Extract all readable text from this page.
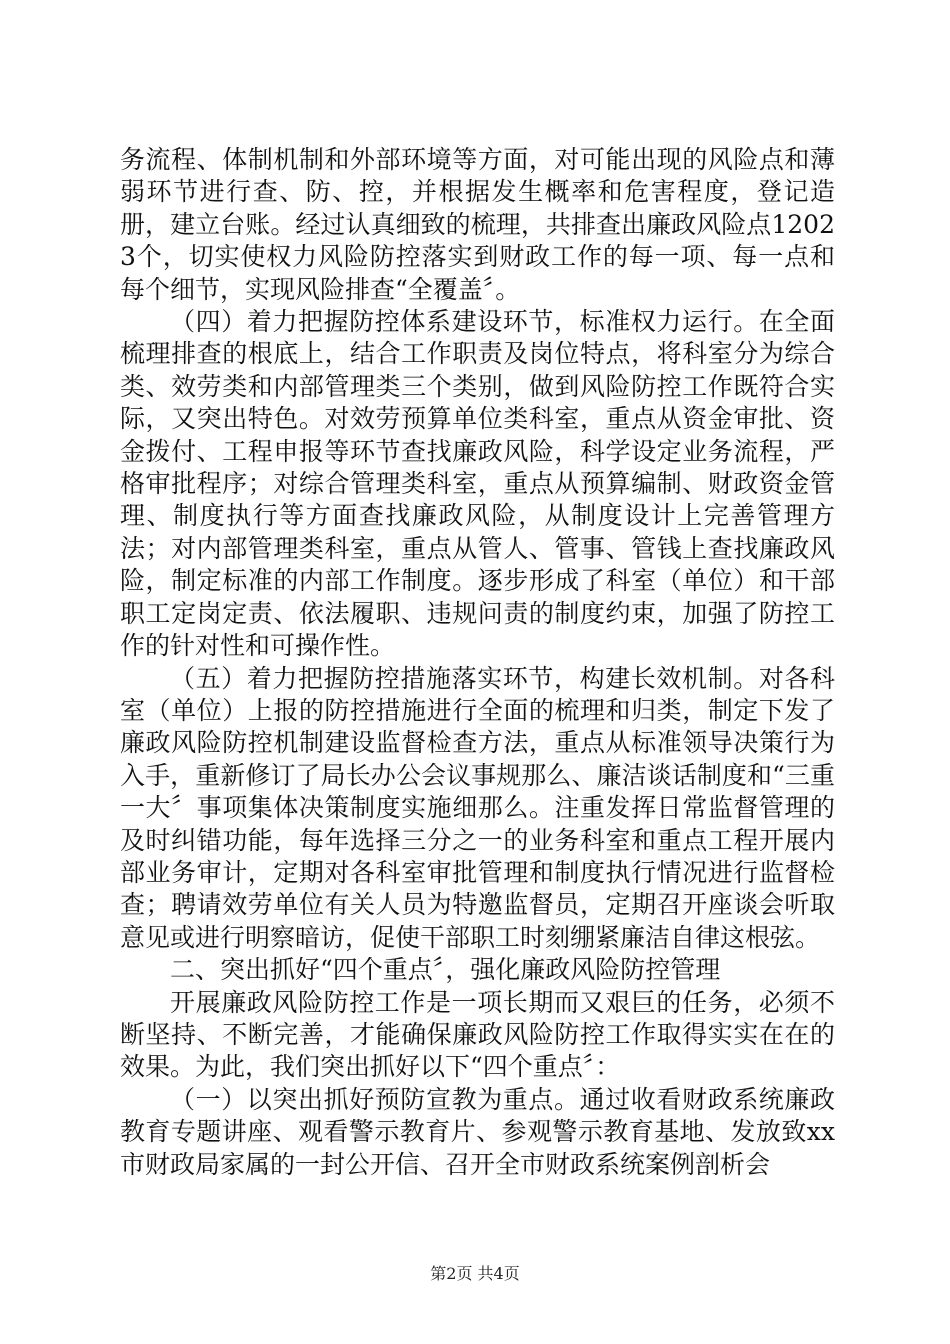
务流程、体制机制和外部环境等方面，对可能出现的风险点和薄弱环节进行查、防、控，并根据发生概率和危害程度，登记造册，建立台账。经过认真细致的梳理，共排查出廉政风险点12023个，切实使权力风险防控落实到财政工作的每一项、每一点和每个细节，实现风险排查“全覆盖〞。

（四）着力把握防控体系建设环节，标准权力运行。在全面梳理排查的根底上，结合工作职责及岗位特点，将科室分为综合类、效劳类和内部管理类三个类别，做到风险防控工作既符合实际，又突出特色。对效劳预算单位类科室，重点从资金审批、资金拨付、工程申报等环节查找廉政风险，科学设定业务流程，严格审批程序；对综合管理类科室，重点从预算编制、财政资金管理、制度执行等方面查找廉政风险，从制度设计上完善管理方法；对内部管理类科室，重点从管人、管事、管钱上查找廉政风险，制定标准的内部工作制度。逐步形成了科室（单位）和干部职工定岗定责、依法履职、违规问责的制度约束，加强了防控工作的针对性和可操作性。

（五）着力把握防控措施落实环节，构建长效机制。对各科室（单位）上报的防控措施进行全面的梳理和归类，制定下发了廉政风险防控机制建设监督检查方法，重点从标准领导决策行为入手，重新修订了局长办公会议事规那么、廉洁谈话制度和“三重一大〞事项集体决策制度实施细那么。注重发挥日常监督管理的及时纠错功能，每年选择三分之一的业务科室和重点工程开展内部业务审计，定期对各科室审批管理和制度执行情况进行监督检查；聘请效劳单位有关人员为特邀监督员，定期召开座谈会听取意见或进行明察暗访，促使干部职工时刻绷紧廉洁自律这根弦。

二、突出抓好“四个重点〞，强化廉政风险防控管理

开展廉政风险防控工作是一项长期而又艰巨的任务，必须不断坚持、不断完善，才能确保廉政风险防控工作取得实实在在的效果。为此，我们突出抓好以下“四个重点〞：

（一）以突出抓好预防宣教为重点。通过收看财政系统廉政教育专题讲座、观看警示教育片、参观警示教育基地、发放致xx市财政局家属的一封公开信、召开全市财政系统案例剖析会

第2页 共4页
